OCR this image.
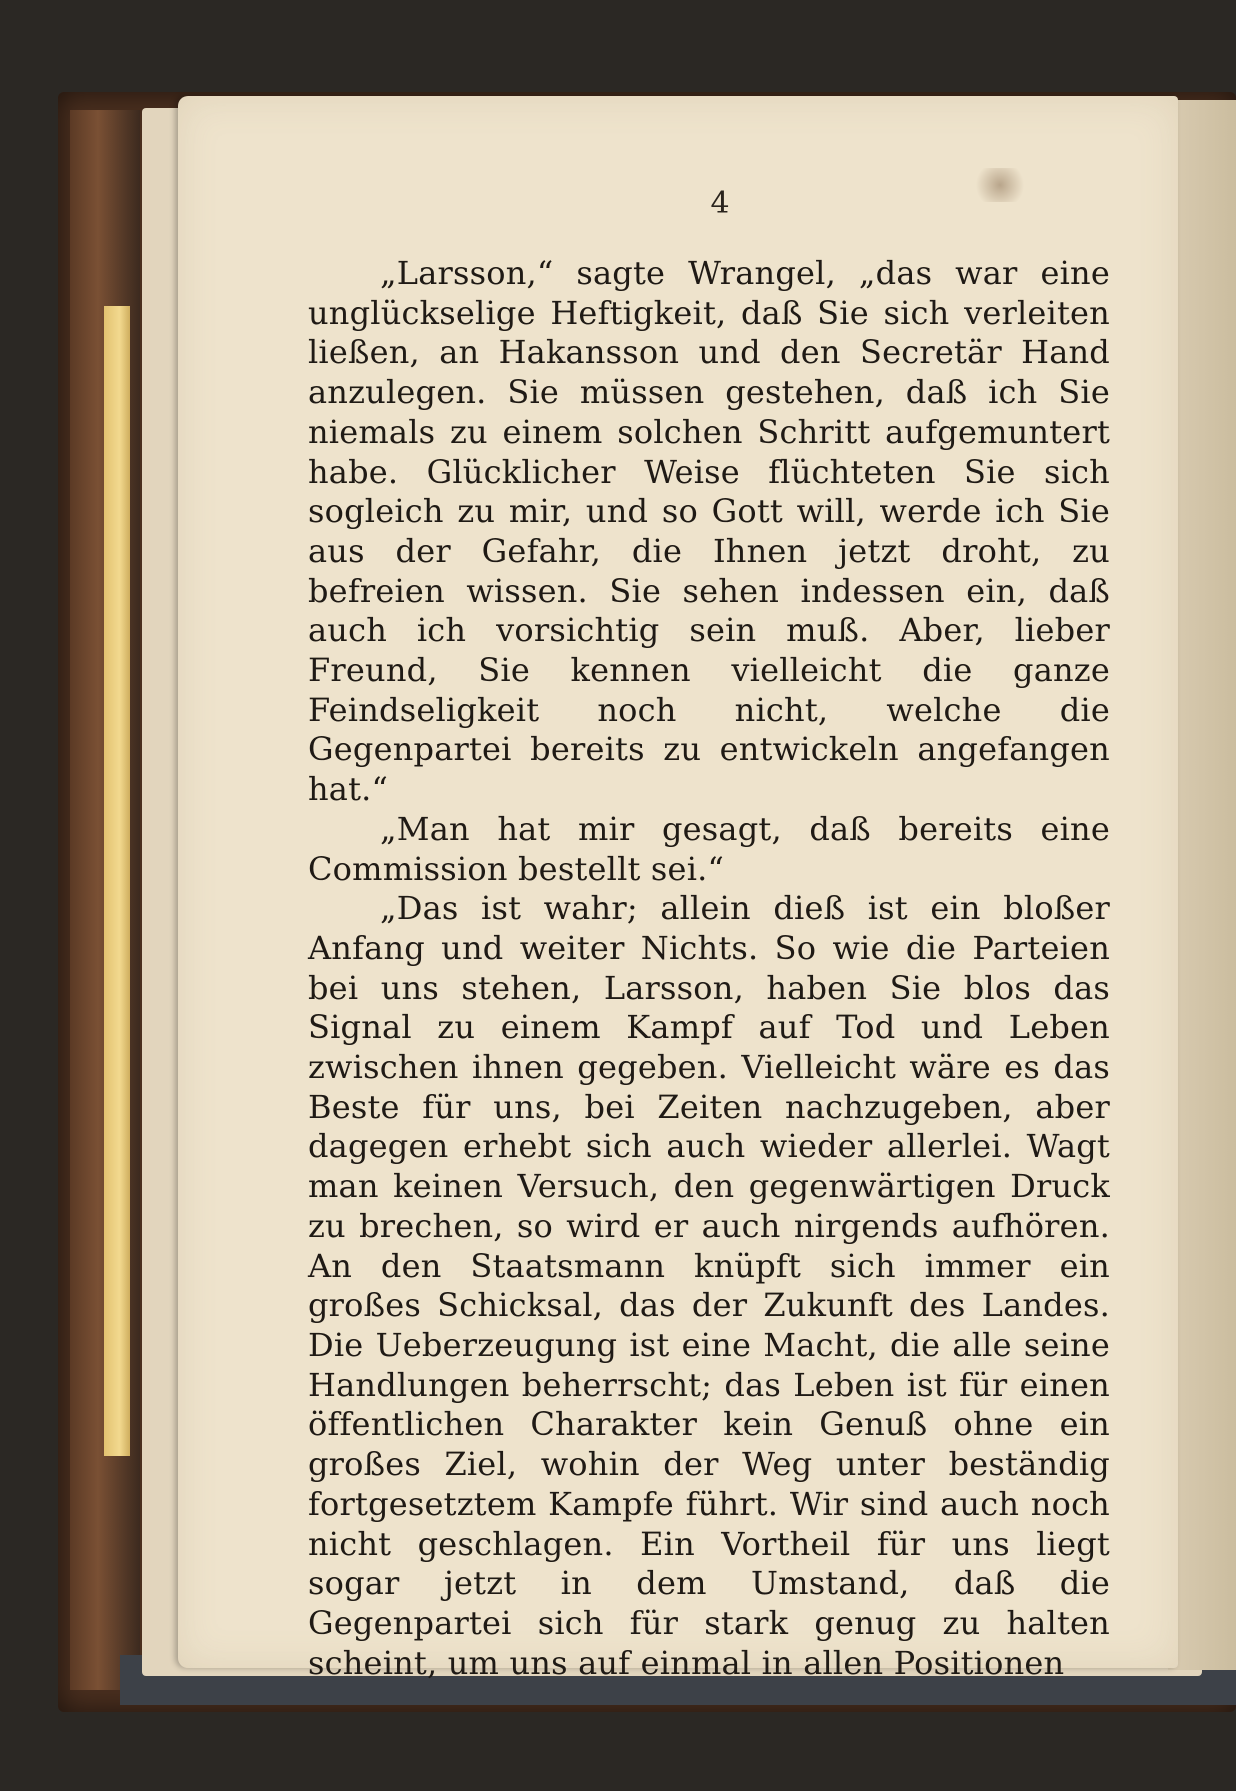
4

„Larsson,“ sagte Wrangel, „das war eine unglückselige Heftigkeit, daß Sie sich verleiten ließen, an Hakansson und den Secretär Hand anzulegen. Sie müssen gestehen, daß ich Sie niemals zu einem solchen Schritt aufgemuntert habe. Glücklicher Weise flüchteten Sie sich sogleich zu mir, und so Gott will, werde ich Sie aus der Gefahr, die Ihnen jetzt droht, zu befreien wissen. Sie sehen indessen ein, daß auch ich vorsichtig sein muß. Aber, lieber Freund, Sie kennen vielleicht die ganze Feindseligkeit noch nicht, welche die Gegenpartei bereits zu entwickeln angefangen hat.“

„Man hat mir gesagt, daß bereits eine Commission bestellt sei.“

„Das ist wahr; allein dieß ist ein bloßer Anfang und weiter Nichts. So wie die Parteien bei uns stehen, Larsson, haben Sie blos das Signal zu einem Kampf auf Tod und Leben zwischen ihnen gegeben. Vielleicht wäre es das Beste für uns, bei Zeiten nachzugeben, aber dagegen erhebt sich auch wieder allerlei. Wagt man keinen Versuch, den gegenwärtigen Druck zu brechen, so wird er auch nirgends aufhören. An den Staatsmann knüpft sich immer ein großes Schicksal, das der Zukunft des Landes. Die Ueberzeugung ist eine Macht, die alle seine Handlungen beherrscht; das Leben ist für einen öffentlichen Charakter kein Genuß ohne ein großes Ziel, wohin der Weg unter beständig fortgesetztem Kampfe führt. Wir sind auch noch nicht geschlagen. Ein Vortheil für uns liegt sogar jetzt in dem Umstand, daß die Gegenpartei sich für stark genug zu halten scheint, um uns auf einmal in allen Positionen
